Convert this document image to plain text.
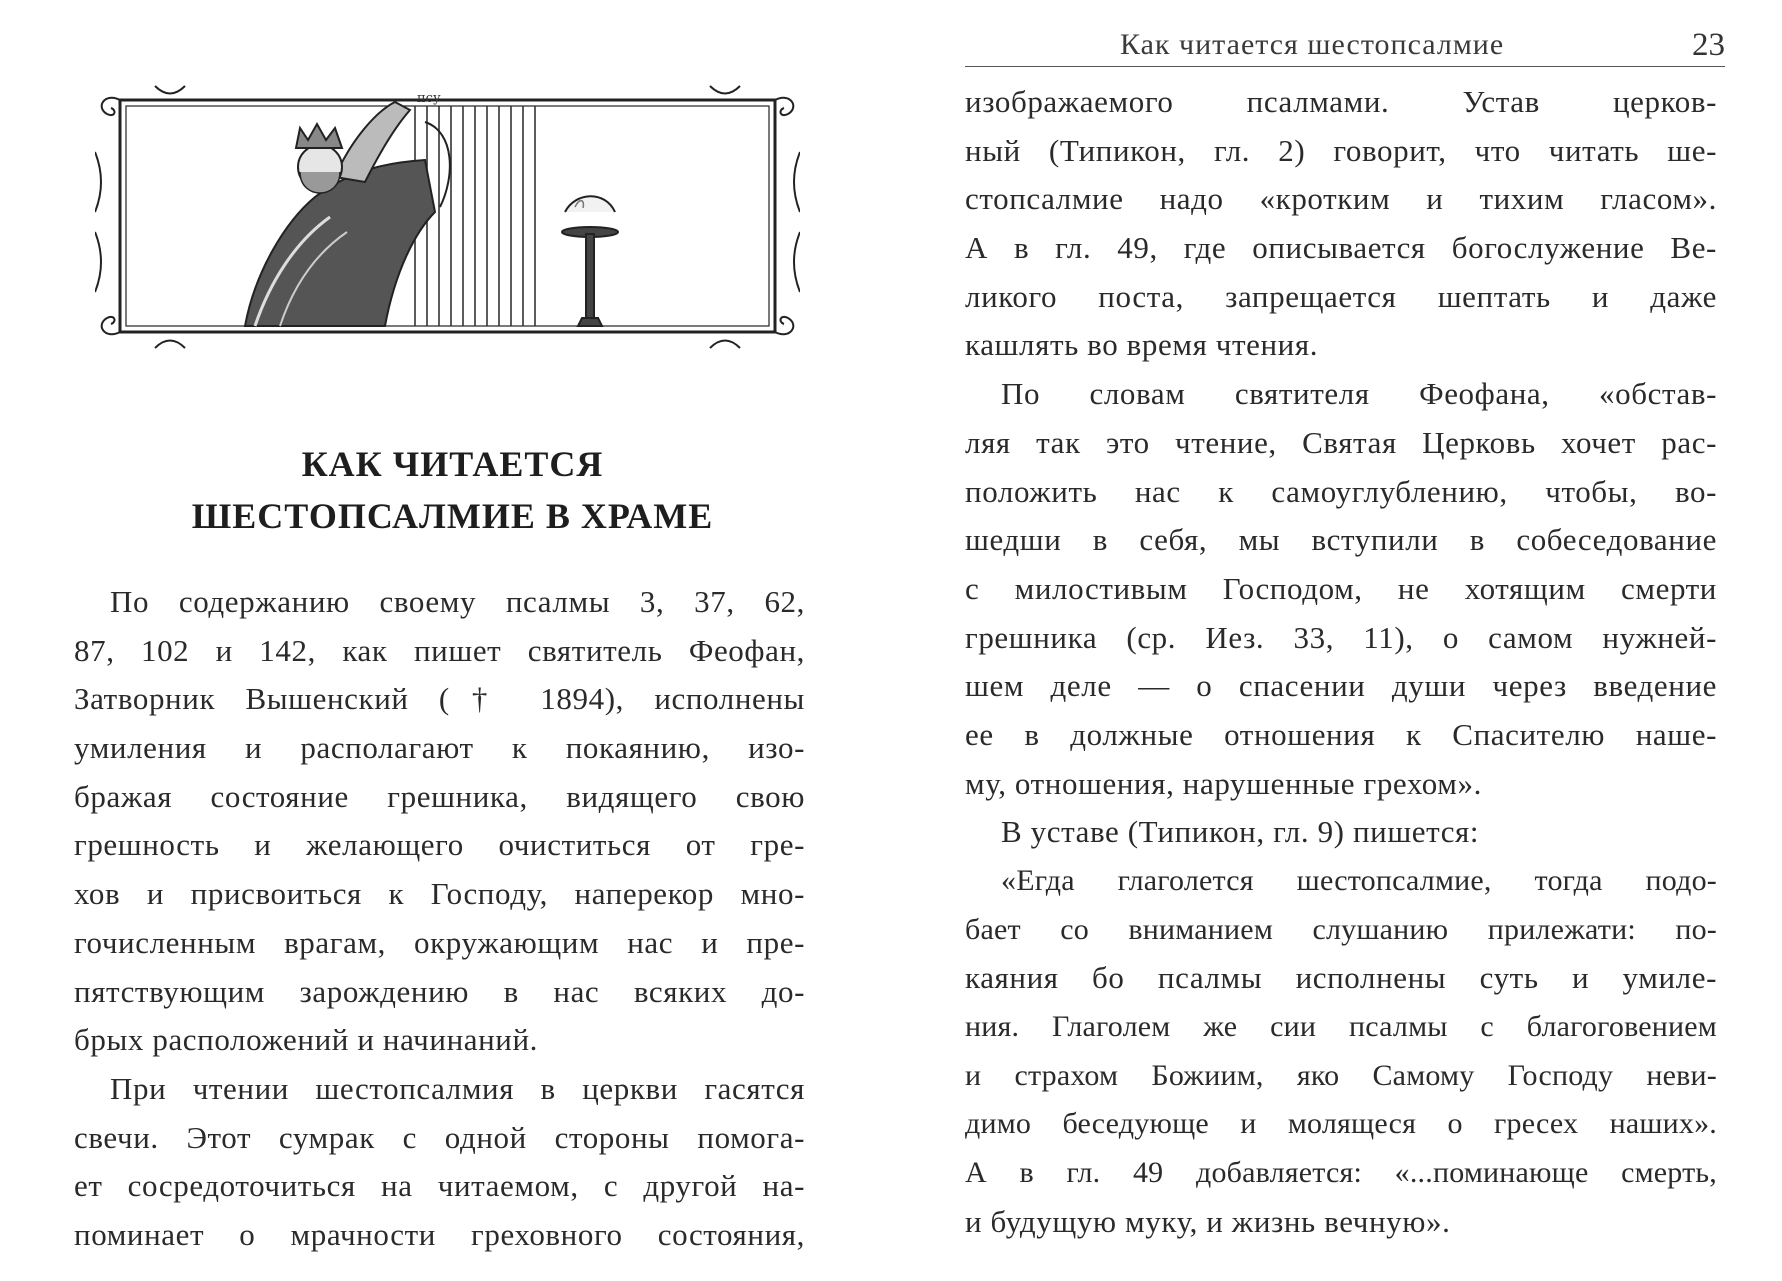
псу
КАК ЧИТАЕТСЯ
ШЕСТОПСАЛМИЕ В ХРАМЕ
По содержанию своему псалмы 3, 37, 62,
87, 102 и 142, как пишет святитель Феофан,
Затворник Вышенский († 1894), исполнены
умиления и располагают к покаянию, изо-
бражая состояние грешника, видящего свою
грешность и желающего очиститься от гре-
хов и присвоиться к Господу, наперекор мно-
гочисленным врагам, окружающим нас и пре-
пятствующим зарождению в нас всяких до-
брых расположений и начинаний.
При чтении шестопсалмия в церкви гасятся
свечи. Этот сумрак с одной стороны помога-
ет сосредоточиться на читаемом, с другой на-
поминает о мрачности греховного состояния,
Как читается шестопсалмие	23
изображаемого псалмами. Устав церков-
ный (Типикон, гл. 2) говорит, что читать ше-
стопсалмие надо «кротким и тихим гласом».
А в гл. 49, где описывается богослужение Ве-
ликого поста, запрещается шептать и даже
кашлять во время чтения.
По словам святителя Феофана, «обстав-
ляя так это чтение, Святая Церковь хочет рас-
положить нас к самоуглублению, чтобы, во-
шедши в себя, мы вступили в собеседование
с милостивым Господом, не хотящим смерти
грешника (ср. Иез. 33, 11), о самом нужней-
шем деле — о спасении души через введение
ее в должные отношения к Спасителю наше-
му, отношения, нарушенные грехом».
В уставе (Типикон, гл. 9) пишется:
«Егда глаголется шестопсалмие, тогда подо-
бает со вниманием слушанию прилежати: по-
каяния бо псалмы исполнены суть и умиле-
ния. Глаголем же сии псалмы с благоговением
и страхом Божиим, яко Самому Господу неви-
димо беседующе и молящеся о гресех наших».
А в гл. 49 добавляется: «...поминающе смерть,
и будущую муку, и жизнь вечную».
